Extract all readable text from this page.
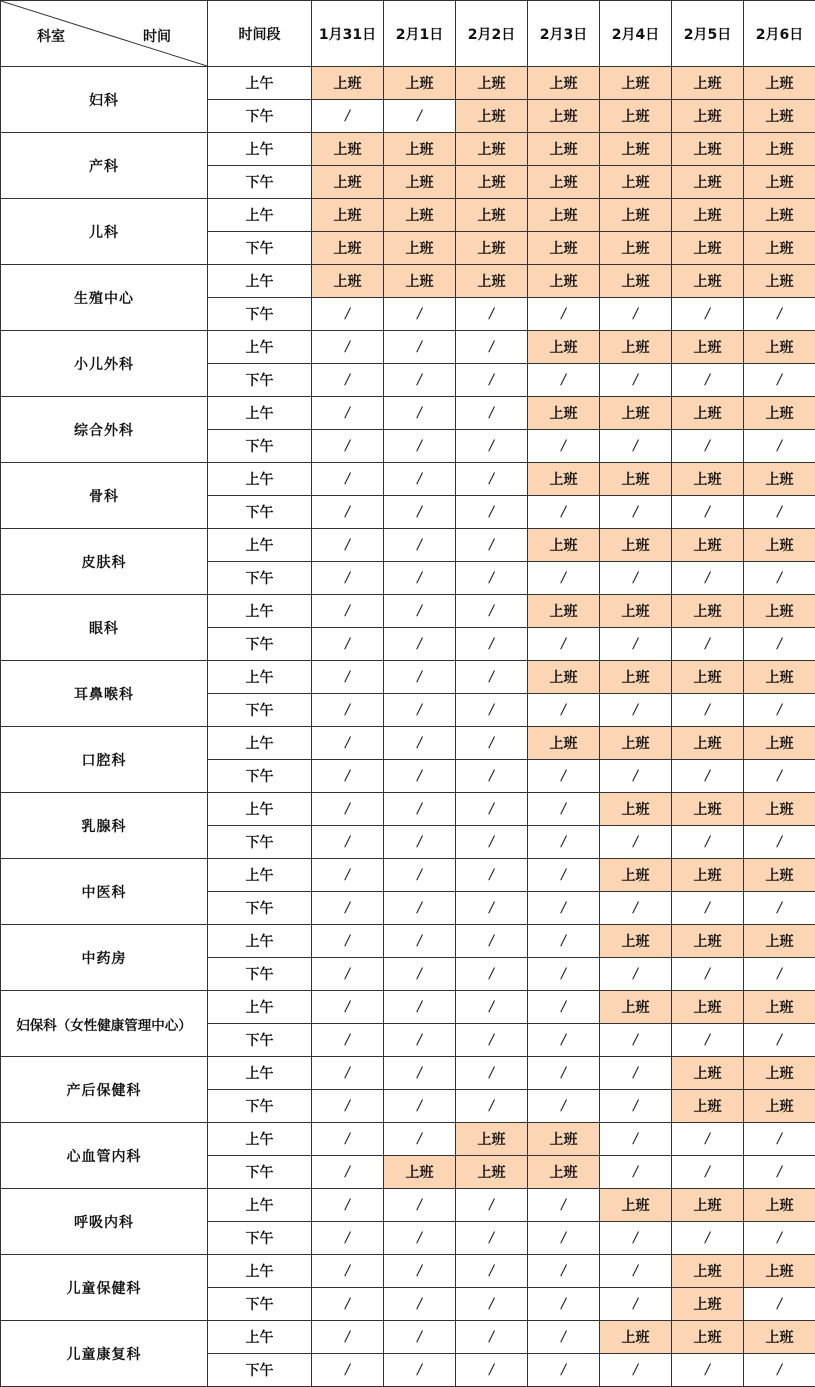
科室 时间	时间段	1月31日	2月1日	2月2日	2月3日	2月4日	2月5日	2月6日
妇科	上午	上班	上班	上班	上班	上班	上班	上班
	下午	/	/	上班	上班	上班	上班	上班
产科	上午	上班	上班	上班	上班	上班	上班	上班
	下午	上班	上班	上班	上班	上班	上班	上班
儿科	上午	上班	上班	上班	上班	上班	上班	上班
	下午	上班	上班	上班	上班	上班	上班	上班
生殖中心	上午	上班	上班	上班	上班	上班	上班	上班
	下午	/	/	/	/	/	/	/
小儿外科	上午	/	/	/	上班	上班	上班	上班
	下午	/	/	/	/	/	/	/
综合外科	上午	/	/	/	上班	上班	上班	上班
	下午	/	/	/	/	/	/	/
骨科	上午	/	/	/	上班	上班	上班	上班
	下午	/	/	/	/	/	/	/
皮肤科	上午	/	/	/	上班	上班	上班	上班
	下午	/	/	/	/	/	/	/
眼科	上午	/	/	/	上班	上班	上班	上班
	下午	/	/	/	/	/	/	/
耳鼻喉科	上午	/	/	/	上班	上班	上班	上班
	下午	/	/	/	/	/	/	/
口腔科	上午	/	/	/	上班	上班	上班	上班
	下午	/	/	/	/	/	/	/
乳腺科	上午	/	/	/	/	上班	上班	上班
	下午	/	/	/	/	/	/	/
中医科	上午	/	/	/	/	上班	上班	上班
	下午	/	/	/	/	/	/	/
中药房	上午	/	/	/	/	上班	上班	上班
	下午	/	/	/	/	/	/	/
妇保科（女性健康管理中心）	上午	/	/	/	/	上班	上班	上班
	下午	/	/	/	/	/	/	/
产后保健科	上午	/	/	/	/	/	上班	上班
	下午	/	/	/	/	/	上班	上班
心血管内科	上午	/	/	上班	上班	/	/	/
	下午	/	上班	上班	上班	/	/	/
呼吸内科	上午	/	/	/	/	上班	上班	上班
	下午	/	/	/	/	/	/	/
儿童保健科	上午	/	/	/	/	/	上班	上班
	下午	/	/	/	/	/	上班	/
儿童康复科	上午	/	/	/	/	上班	上班	上班
	下午	/	/	/	/	/	/	/
